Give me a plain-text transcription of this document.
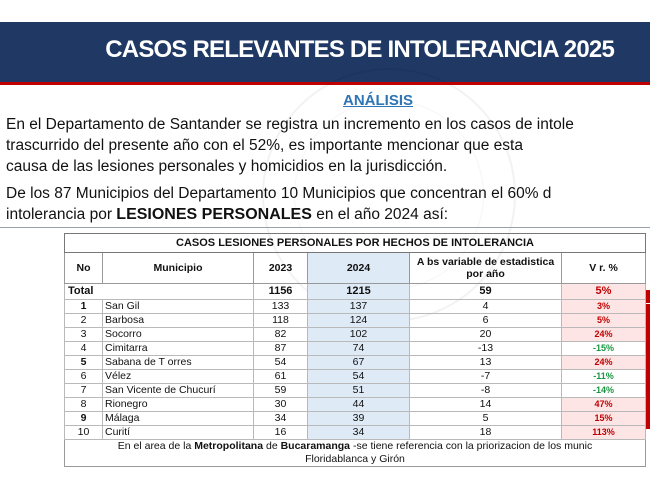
CASOS RELEVANTES DE INTOLERANCIA 2025
ANÁLISIS
En el Departamento de Santander se registra un incremento en los casos de intole
trascurrido del presente año con el 52%, es importante mencionar que esta
causa de las lesiones personales y homicidios en la jurisdicción.
De los 87 Municipios del Departamento 10 Municipios que concentran el 60% d
intolerancia por LESIONES PERSONALES en el año 2024 así:
CASOS LESIONES PERSONALES POR HECHOS DE INTOLERANCIA					
No	Municipio	2023	2024	A bs variable de estadistica por año	V r. %
Total		1156	1215	59	5%
1	San Gil	133	137	4	3%
2	Barbosa	118	124	6	5%
3	Socorro	82	102	20	24%
4	Cimitarra	87	74	-13	-15%
5	Sabana de T orres	54	67	13	24%
6	Vélez	61	54	-7	-11%
7	San Vicente de Chucurí	59	51	-8	-14%
8	Rionegro	30	44	14	47%
9	Málaga	34	39	5	15%
10	Curití	16	34	18	113%
En el area de la Metropolitana de Bucaramanga -se tiene referencia con la priorizacion de los munic
Floridablanca y Girón					
